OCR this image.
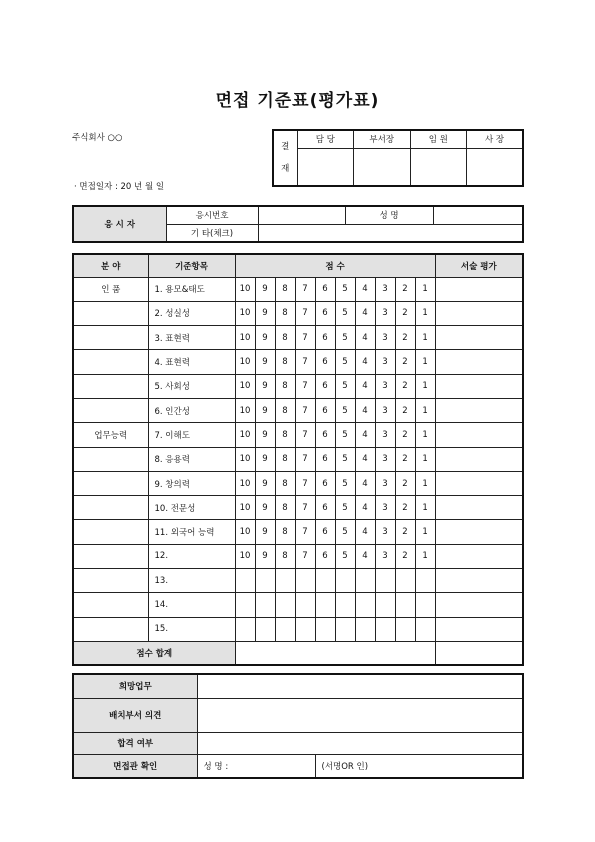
면접 기준표(평가표)
주식회사 ○○
· 면접일자 : 20 년 월 일
결
재	담 당	부서장	임 원	사 장

응 시 자	응시번호		성 명	
	기 타(체크)			
분 야	기준항목	점 수										서술 평가
인 품	1. 용모&태도	10	9	8	7	6	5	4	3	2	1	
	2. 성실성	10	9	8	7	6	5	4	3	2	1	
	3. 표현력	10	9	8	7	6	5	4	3	2	1	
	4. 표현력	10	9	8	7	6	5	4	3	2	1	
	5. 사회성	10	9	8	7	6	5	4	3	2	1	
	6. 인간성	10	9	8	7	6	5	4	3	2	1	
업무능력	7. 이해도	10	9	8	7	6	5	4	3	2	1	
	8. 응용력	10	9	8	7	6	5	4	3	2	1	
	9. 창의력	10	9	8	7	6	5	4	3	2	1	
	10. 전문성	10	9	8	7	6	5	4	3	2	1	
	11. 외국어 능력	10	9	8	7	6	5	4	3	2	1	
	12.	10	9	8	7	6	5	4	3	2	1	
	13.											
	14.											
	15.											
점수 합계												
희망업무		
배치부서 의견		
합격 여부		
면접관 확인	성 명 :	(서명OR 인)
